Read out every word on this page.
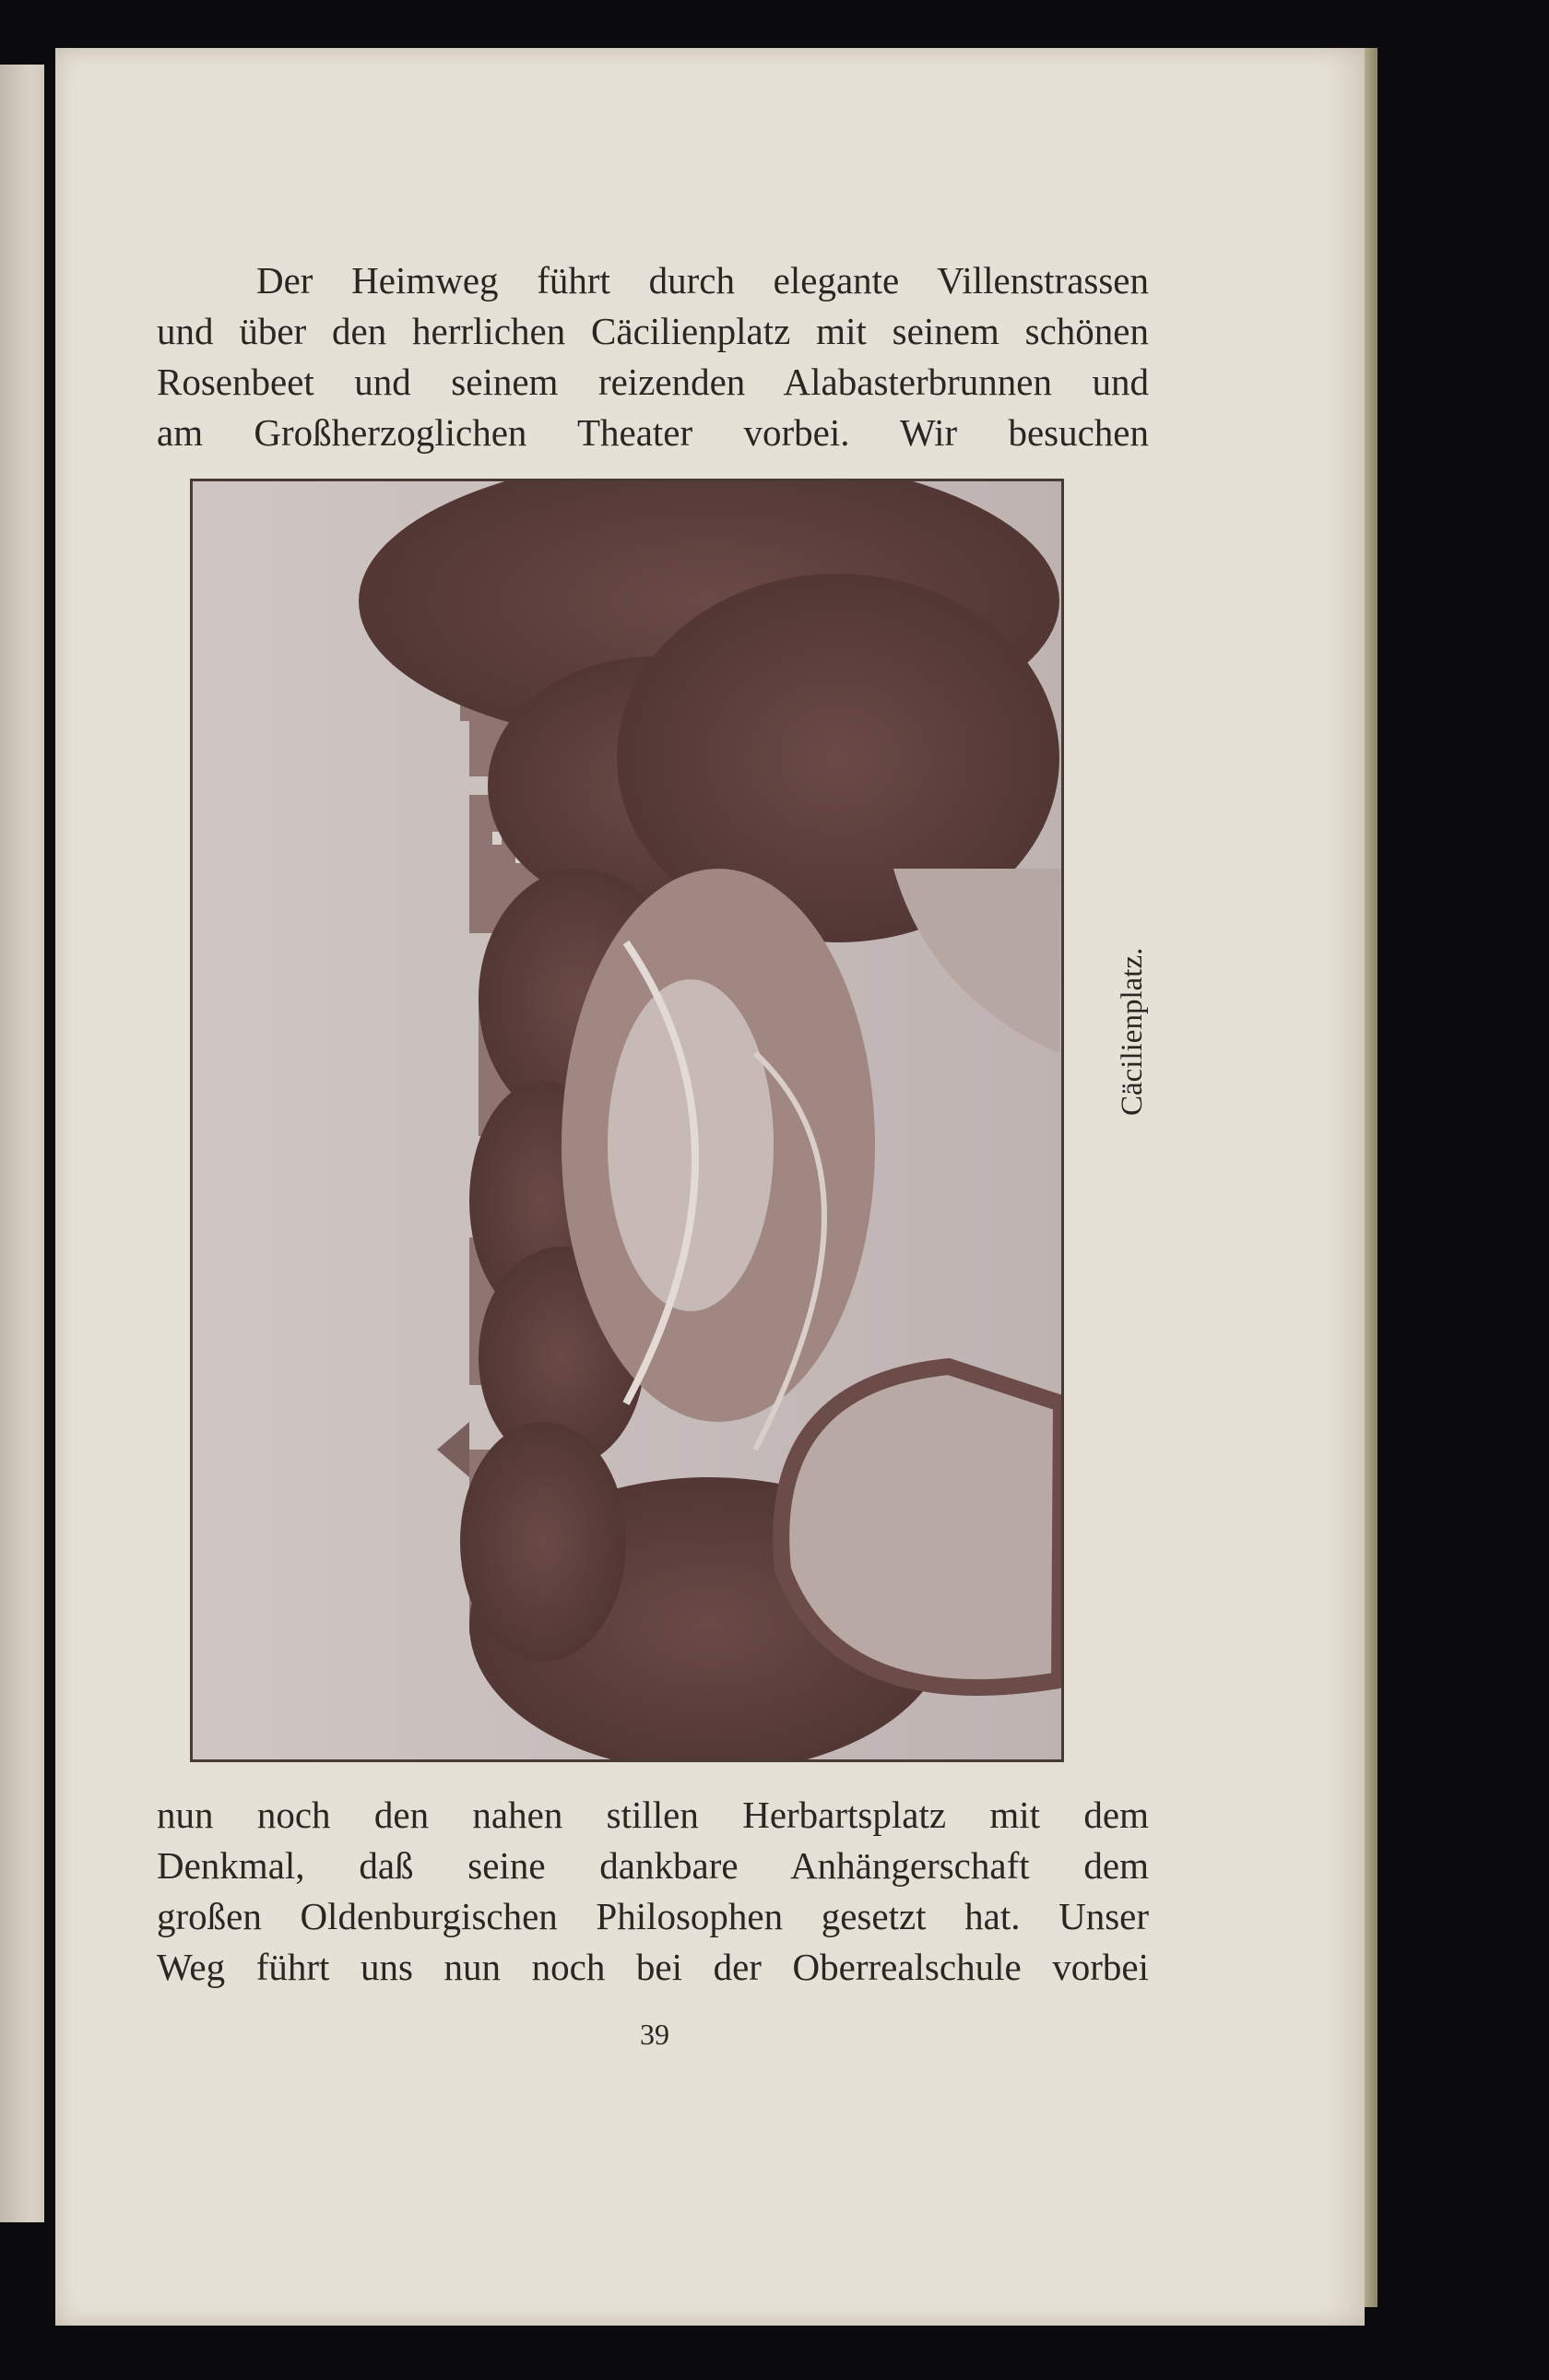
Der Heimweg führt durch elegante Villenstrassen
und über den herrlichen Cäcilienplatz mit seinem schönen
Rosenbeet und seinem reizenden Alabasterbrunnen und
am Großherzoglichen Theater vorbei. Wir besuchen
Cäcilienplatz.
nun noch den nahen stillen Herbartsplatz mit dem
Denkmal, daß seine dankbare Anhängerschaft dem
großen Oldenburgischen Philosophen gesetzt hat. Unser
Weg führt uns nun noch bei der Oberrealschule vorbei
39
